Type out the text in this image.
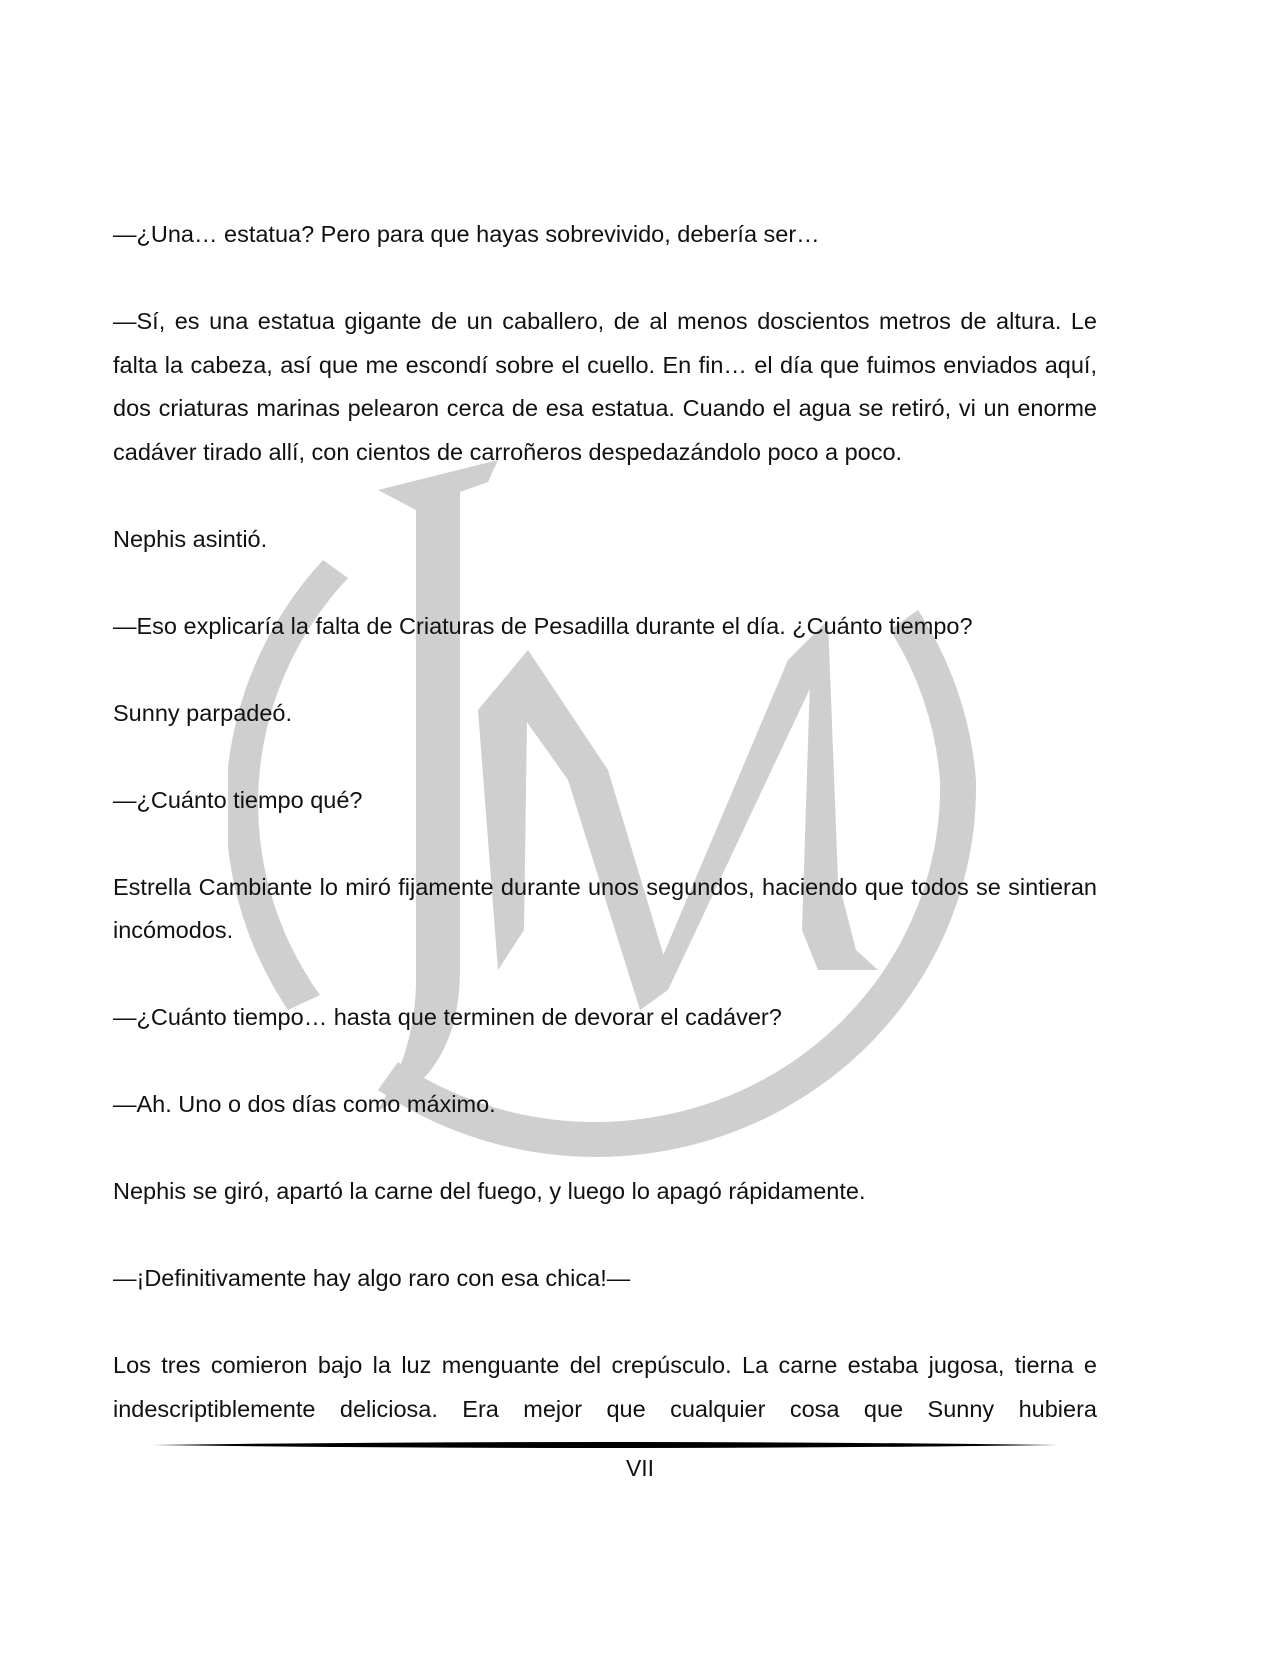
—¿Una… estatua? Pero para que hayas sobrevivido, debería ser…

—Sí, es una estatua gigante de un caballero, de al menos doscientos metros de altura. Le falta la cabeza, así que me escondí sobre el cuello. En fin… el día que fuimos enviados aquí, dos criaturas marinas pelearon cerca de esa estatua. Cuando el agua se retiró, vi un enorme cadáver tirado allí, con cientos de carroñeros despedazándolo poco a poco.

Nephis asintió.

—Eso explicaría la falta de Criaturas de Pesadilla durante el día. ¿Cuánto tiempo?

Sunny parpadeó.

—¿Cuánto tiempo qué?

Estrella Cambiante lo miró fijamente durante unos segundos, haciendo que todos se sintieran incómodos.

—¿Cuánto tiempo… hasta que terminen de devorar el cadáver?

—Ah. Uno o dos días como máximo.

Nephis se giró, apartó la carne del fuego, y luego lo apagó rápidamente.

—¡Definitivamente hay algo raro con esa chica!—

Los tres comieron bajo la luz menguante del crepúsculo. La carne estaba jugosa, tierna e indescriptiblemente deliciosa. Era mejor que cualquier cosa que Sunny hubiera

VII
